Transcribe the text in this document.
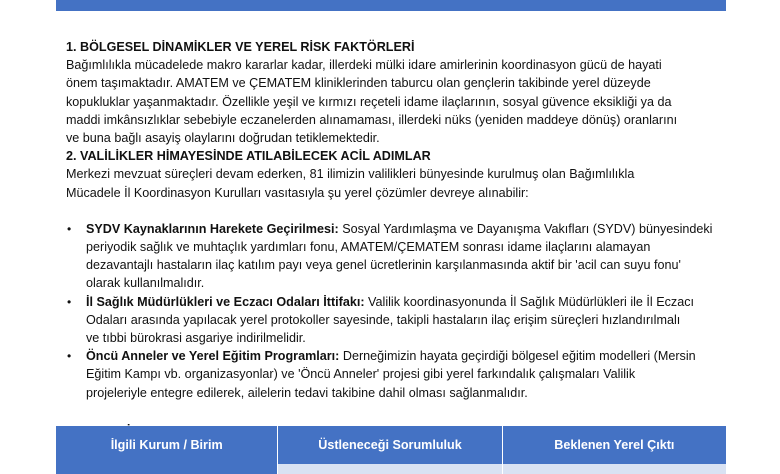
1. BÖLGESEL DİNAMİKLER VE YEREL RİSK FAKTÖRLERİ

Bağımlılıkla mücadelede makro kararlar kadar, illerdeki mülki idare amirlerinin koordinasyon gücü de hayati

önem taşımaktadır. AMATEM ve ÇEMATEM kliniklerinden taburcu olan gençlerin takibinde yerel düzeyde

kopukluklar yaşanmaktadır. Özellikle yeşil ve kırmızı reçeteli idame ilaçlarının, sosyal güvence eksikliği ya da

maddi imkânsızlıklar sebebiyle eczanelerden alınamaması, illerdeki nüks (yeniden maddeye dönüş) oranlarını

ve buna bağlı asayiş olaylarını doğrudan tetiklemektedir.

2. VALİLİKLER HİMAYESİNDE ATILABİLECEK ACİL ADIMLAR

Merkezi mevzuat süreçleri devam ederken, 81 ilimizin valilikleri bünyesinde kurulmuş olan Bağımlılıkla

Mücadele İl Koordinasyon Kurulları vasıtasıyla şu yerel çözümler devreye alınabilir:

• SYDV Kaynaklarının Harekete Geçirilmesi: Sosyal Yardımlaşma ve Dayanışma Vakıfları (SYDV) bünyesindeki
periyodik sağlık ve muhtaçlık yardımları fonu, AMATEM/ÇEMATEM sonrası idame ilaçlarını alamayan
dezavantajlı hastaların ilaç katılım payı veya genel ücretlerinin karşılanmasında aktif bir 'acil can suyu fonu'
olarak kullanılmalıdır.
• İl Sağlık Müdürlükleri ve Eczacı Odaları İttifakı: Valilik koordinasyonunda İl Sağlık Müdürlükleri ile İl Eczacı
Odaları arasında yapılacak yerel protokoller sayesinde, takipli hastaların ilaç erişim süreçleri hızlandırılmalı
ve tıbbi bürokrasi asgariye indirilmelidir.
• Öncü Anneler ve Yerel Eğitim Programları: Derneğimizin hayata geçirdiği bölgesel eğitim modelleri (Mersin
Eğitim Kampı vb. organizasyonlar) ve 'Öncü Anneler' projesi gibi yerel farkındalık çalışmaları Valilik
projeleriyle entegre edilerek, ailelerin tedavi takibine dahil olması sağlanmalıdır.

İlgili Kurum / Birim	Üstleneceği Sorumluluk	Beklenen Yerel Çıktı
